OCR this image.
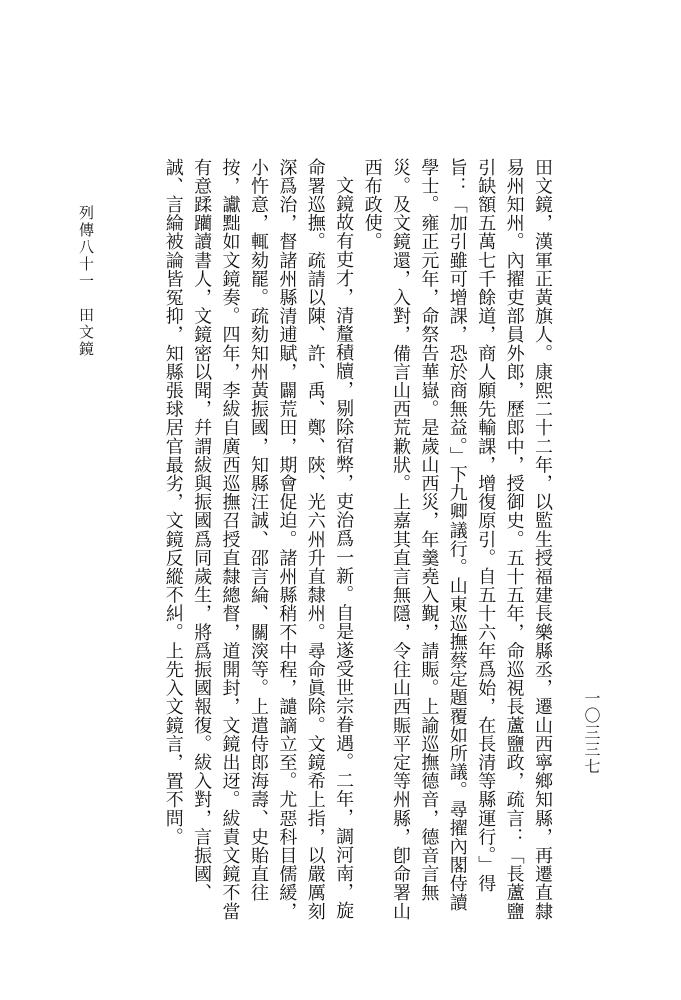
列傳八十一　田文鏡	田文鏡，漢軍正黃旗人。康熙二十二年，以監生授福建長樂縣丞，遷山西寧鄉知縣，再遷直隸易州知州。內擢吏部員外郎，歷郎中，授御史。五十五年，命巡視長蘆鹽政，疏言：「長蘆鹽引缺額五萬七千餘道，商人願先輸課，增復原引。自五十六年爲始，在長清等縣運行。」得旨：「加引雖可增課，恐於商無益。」下九卿議行。山東巡撫蔡定題覆如所議。尋擢內閣侍讀學士。雍正元年，命祭告華嶽。是歲山西災，年羹堯入覲，請賑。上諭巡撫德音，德音言無災。及文鏡還，入對，備言山西荒歉狀。上嘉其直言無隱，令往山西賑平定等州縣，卽命署山西布政使。

文鏡故有吏才，清釐積牘，剔除宿弊，吏治爲一新。自是遂受世宗眷遇。二年，調河南，旋命署巡撫。疏請以陳、許、禹、鄭、陝、光六州升直隸州。尋命眞除。文鏡希上指，以嚴厲刻深爲治，督諸州縣清逋賦，闢荒田，期會促迫。諸州縣稍不中程，譴謫立至。尤惡科目儒緩，小忤意，輒劾罷。疏劾知州黃振國，知縣汪誠、邵言綸、關㴱等。上遣侍郎海壽、史貽直往按，讞黜如文鏡奏。四年，李紱自廣西巡撫召授直隸總督，道開封，文鏡出迓。紱責文鏡不當有意蹂躪讀書人，文鏡密以聞，幷謂紱與振國爲同歲生，將爲振國報復。紱入對，言振國、誠、言綸被論皆冤抑，知縣張球居官最劣，文鏡反縱不糾。上先入文鏡言，置不問。	一〇三三七
